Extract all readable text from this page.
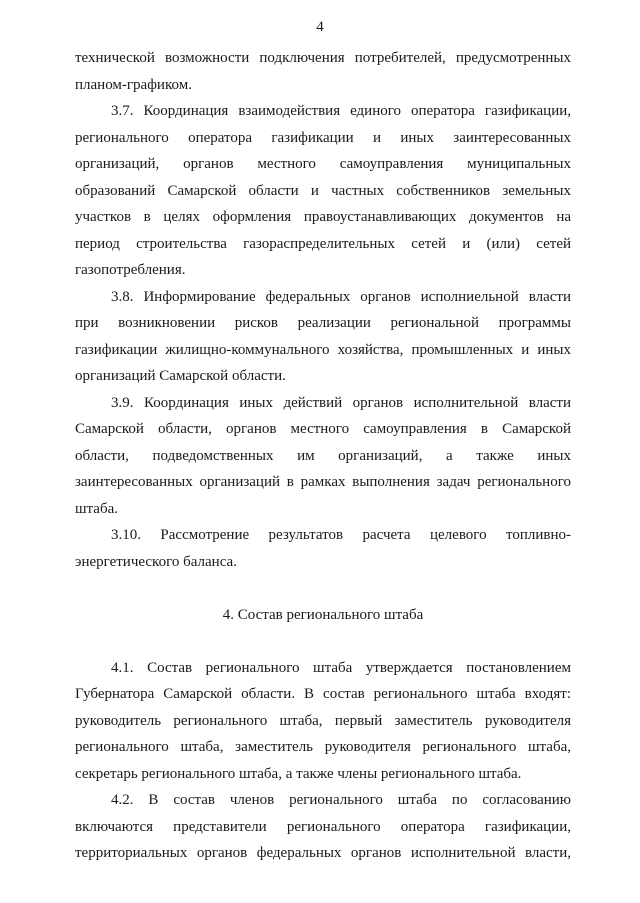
4
технической возможности подключения потребителей, предусмотренных
планом-графиком.
3.7. Координация взаимодействия единого оператора газификации,
регионального оператора газификации и иных заинтересованных
организаций, органов местного самоуправления муниципальных
образований Самарской области и частных собственников земельных
участков в целях оформления правоустанавливающих документов на
период строительства газораспределительных сетей и (или) сетей
газопотребления.
3.8. Информирование федеральных органов исполниельной власти
при возникновении рисков реализации региональной программы
газификации жилищно-коммунального хозяйства, промышленных и иных
организаций Самарской области.
3.9. Координация иных действий органов исполнительной власти
Самарской области, органов местного самоуправления в Самарской
области, подведомственных им организаций, а также иных
заинтересованных организаций в рамках выполнения задач регионального
штаба.
3.10. Рассмотрение результатов расчета целевого топливно-
энергетического баланса.
4. Состав регионального штаба
4.1. Состав регионального штаба утверждается постановлением
Губернатора Самарской области. В состав регионального штаба входят:
руководитель регионального штаба, первый заместитель руководителя
регионального штаба, заместитель руководителя регионального штаба,
секретарь регионального штаба, а также члены регионального штаба.
4.2. В состав членов регионального штаба по согласованию
включаются представители регионального оператора газификации,
территориальных органов федеральных органов исполнительной власти,
